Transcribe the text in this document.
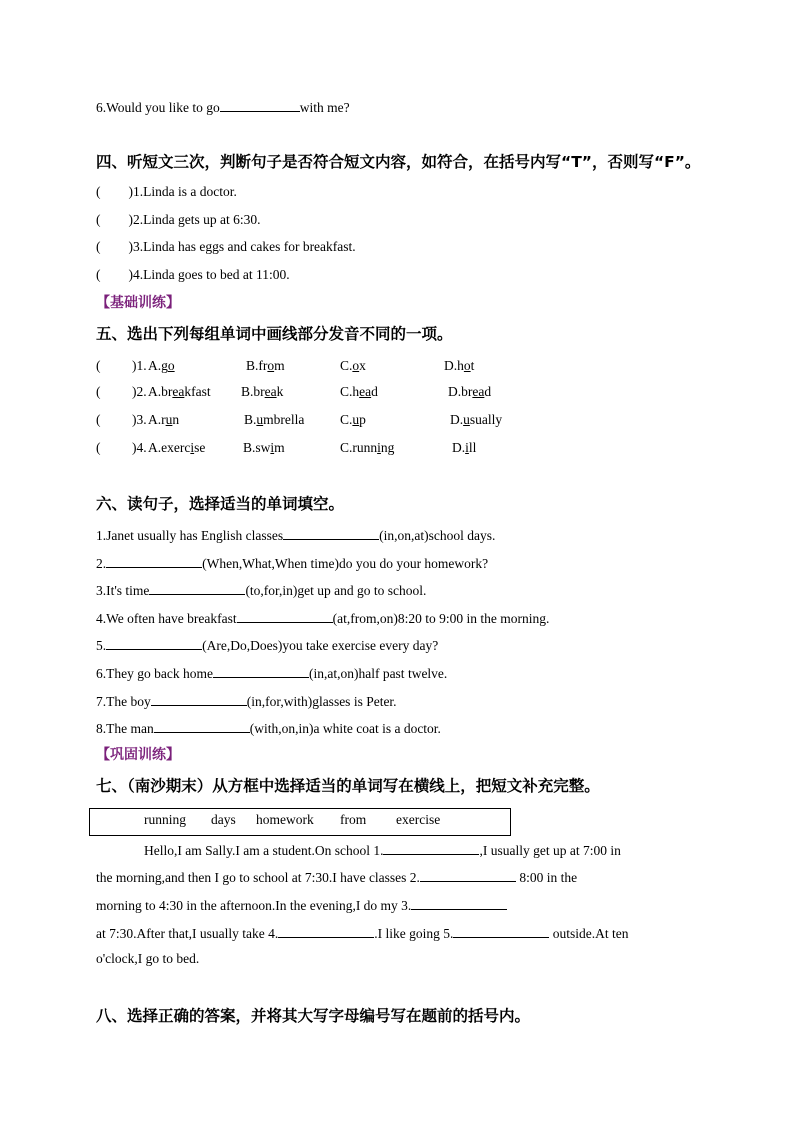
6.Would you like to go	with me?
四、听短文三次，判断句子是否符合短文内容，如符合，在括号内写“T”，否则写“F”。
( )1.Linda is a doctor.
( )2.Linda gets up at 6:30.
( )3.Linda has eggs and cakes for breakfast.
( )4.Linda goes to bed at 11:00.
【基础训练】
五、选出下列每组单词中画线部分发音不同的一项。
( )1. A.go	B.from	C.ox	D.hot
( )2. A.breakfast B.break	C.head	D.bread
( )3. A.run	B.umbrella	C.up	D.usually
( )4. A.exercise	B.swim	C.running	D.ill
六、读句子，选择适当的单词填空。
1.Janet usually has English classes	(in,on,at)school days.
2.	(When,What,When time)do you do your homework?
3.It's time	(to,for,in)get up and go to school.
4.We often have breakfast	(at,from,on)8:20 to 9:00 in the morning.
5.	(Are,Do,Does)you take exercise every day?
6.They go back home	(in,at,on)half past twelve.
7.The boy	(in,for,with)glasses is Peter.
8.The man	(with,on,in)a white coat is a doctor.
【巩固训练】
七、（南沙期末）从方框中选择适当的单词写在横线上，把短文补充完整。
running days homework from exercise
Hello,I am Sally.I am a student.On school 1.	,I usually get up at 7:00 in
the morning,and then I go to school at 7:30.I have classes 2.	8:00 in the
morning to 4:30 in the afternoon.In the evening,I do my 3.
at 7:30.After that,I usually take 4.	.I like going 5.	outside.At ten
o'clock,I go to bed.
八、选择正确的答案，并将其大写字母编号写在题前的括号内。
